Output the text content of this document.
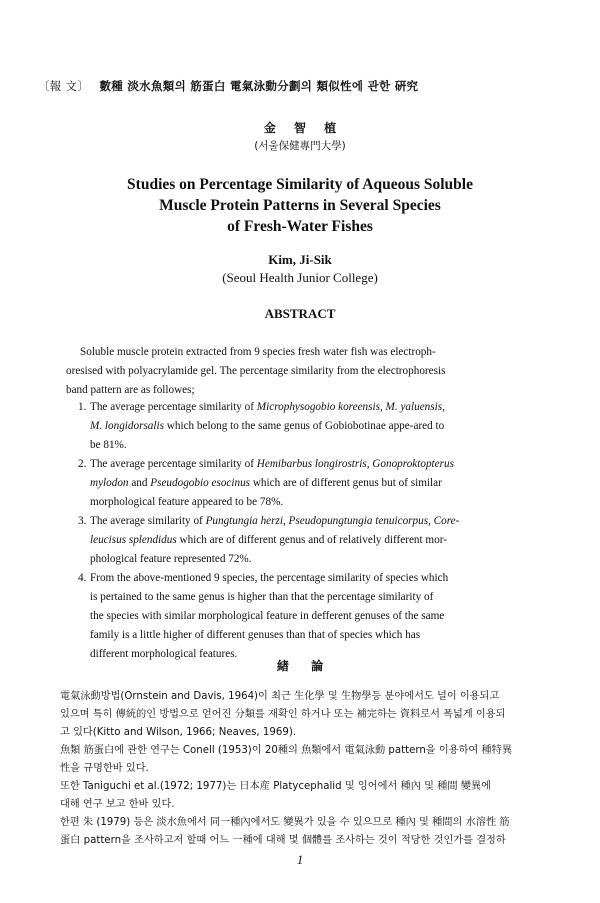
〔報 文〕 數種 淡水魚類의 筋蛋白 電氣泳動分劃의 類似性에 관한 硏究
金 智 植
(서울保健專門大學)
Studies on Percentage Similarity of Aqueous Soluble
Muscle Protein Patterns in Several Species
of Fresh-Water Fishes
Kim, Ji-Sik
(Seoul Health Junior College)
ABSTRACT
Soluble muscle protein extracted from 9 species fresh water fish was electroph-
oresised with polyacrylamide gel. The percentage similarity from the electrophoresis
band pattern are as followes;
1. The average percentage similarity of Microphysogobio koreensis, M. yaluensis,
M. longidorsalis which belong to the same genus of Gobiobotinae appe-ared to
be 81%.
2. The average percentage similarity of Hemibarbus longirostris, Gonoproktopterus
mylodon and Pseudogobio esocinus which are of different genus but of similar
morphological feature appeared to be 78%.
3. The average similarity of Pungtungia herzi, Pseudopungtungia tenuicorpus, Core-
leucisus splendidus which are of different genus and of relatively different mor-
phological feature represented 72%.
4. From the above-mentioned 9 species, the percentage similarity of species which
is pertained to the same genus is higher than that the percentage similarity of
the species with similar morphological feature in defferent genuses of the same
family is a little higher of different genuses than that of species which has
different morphological features.
緖 論
電氣泳動방법(Ornstein and Davis, 1964)이 최근 生化學 및 生物學등 분야에서도 널이 이용되고
있으며 특히 傳統的인 방법으로 얻어진 分類를 재확인 하거나 또는 補完하는 資料로서 폭넓게 이용되
고 있다(Kitto and Wilson, 1966; Neaves, 1969).
魚類 筋蛋白에 관한 연구는 Conell (1953)이 20種의 魚類에서 電氣泳動 pattern을 이용하여 種特異
性을 규명한바 있다.
또한 Taniguchi et al.(1972; 1977)는 日本産 Platycephalid 및 잉어에서 種內 및 種間 變異에
대해 연구 보고 한바 있다.
한편 朱 (1979) 등은 淡水魚에서 同一種內에서도 變異가 있을 수 있으므로 種內 및 種間의 水溶性 筋
蛋白 pattern을 조사하고저 할때 어느 一種에 대해 몇 個體를 조사하는 것이 적당한 것인가를 결정하
1
